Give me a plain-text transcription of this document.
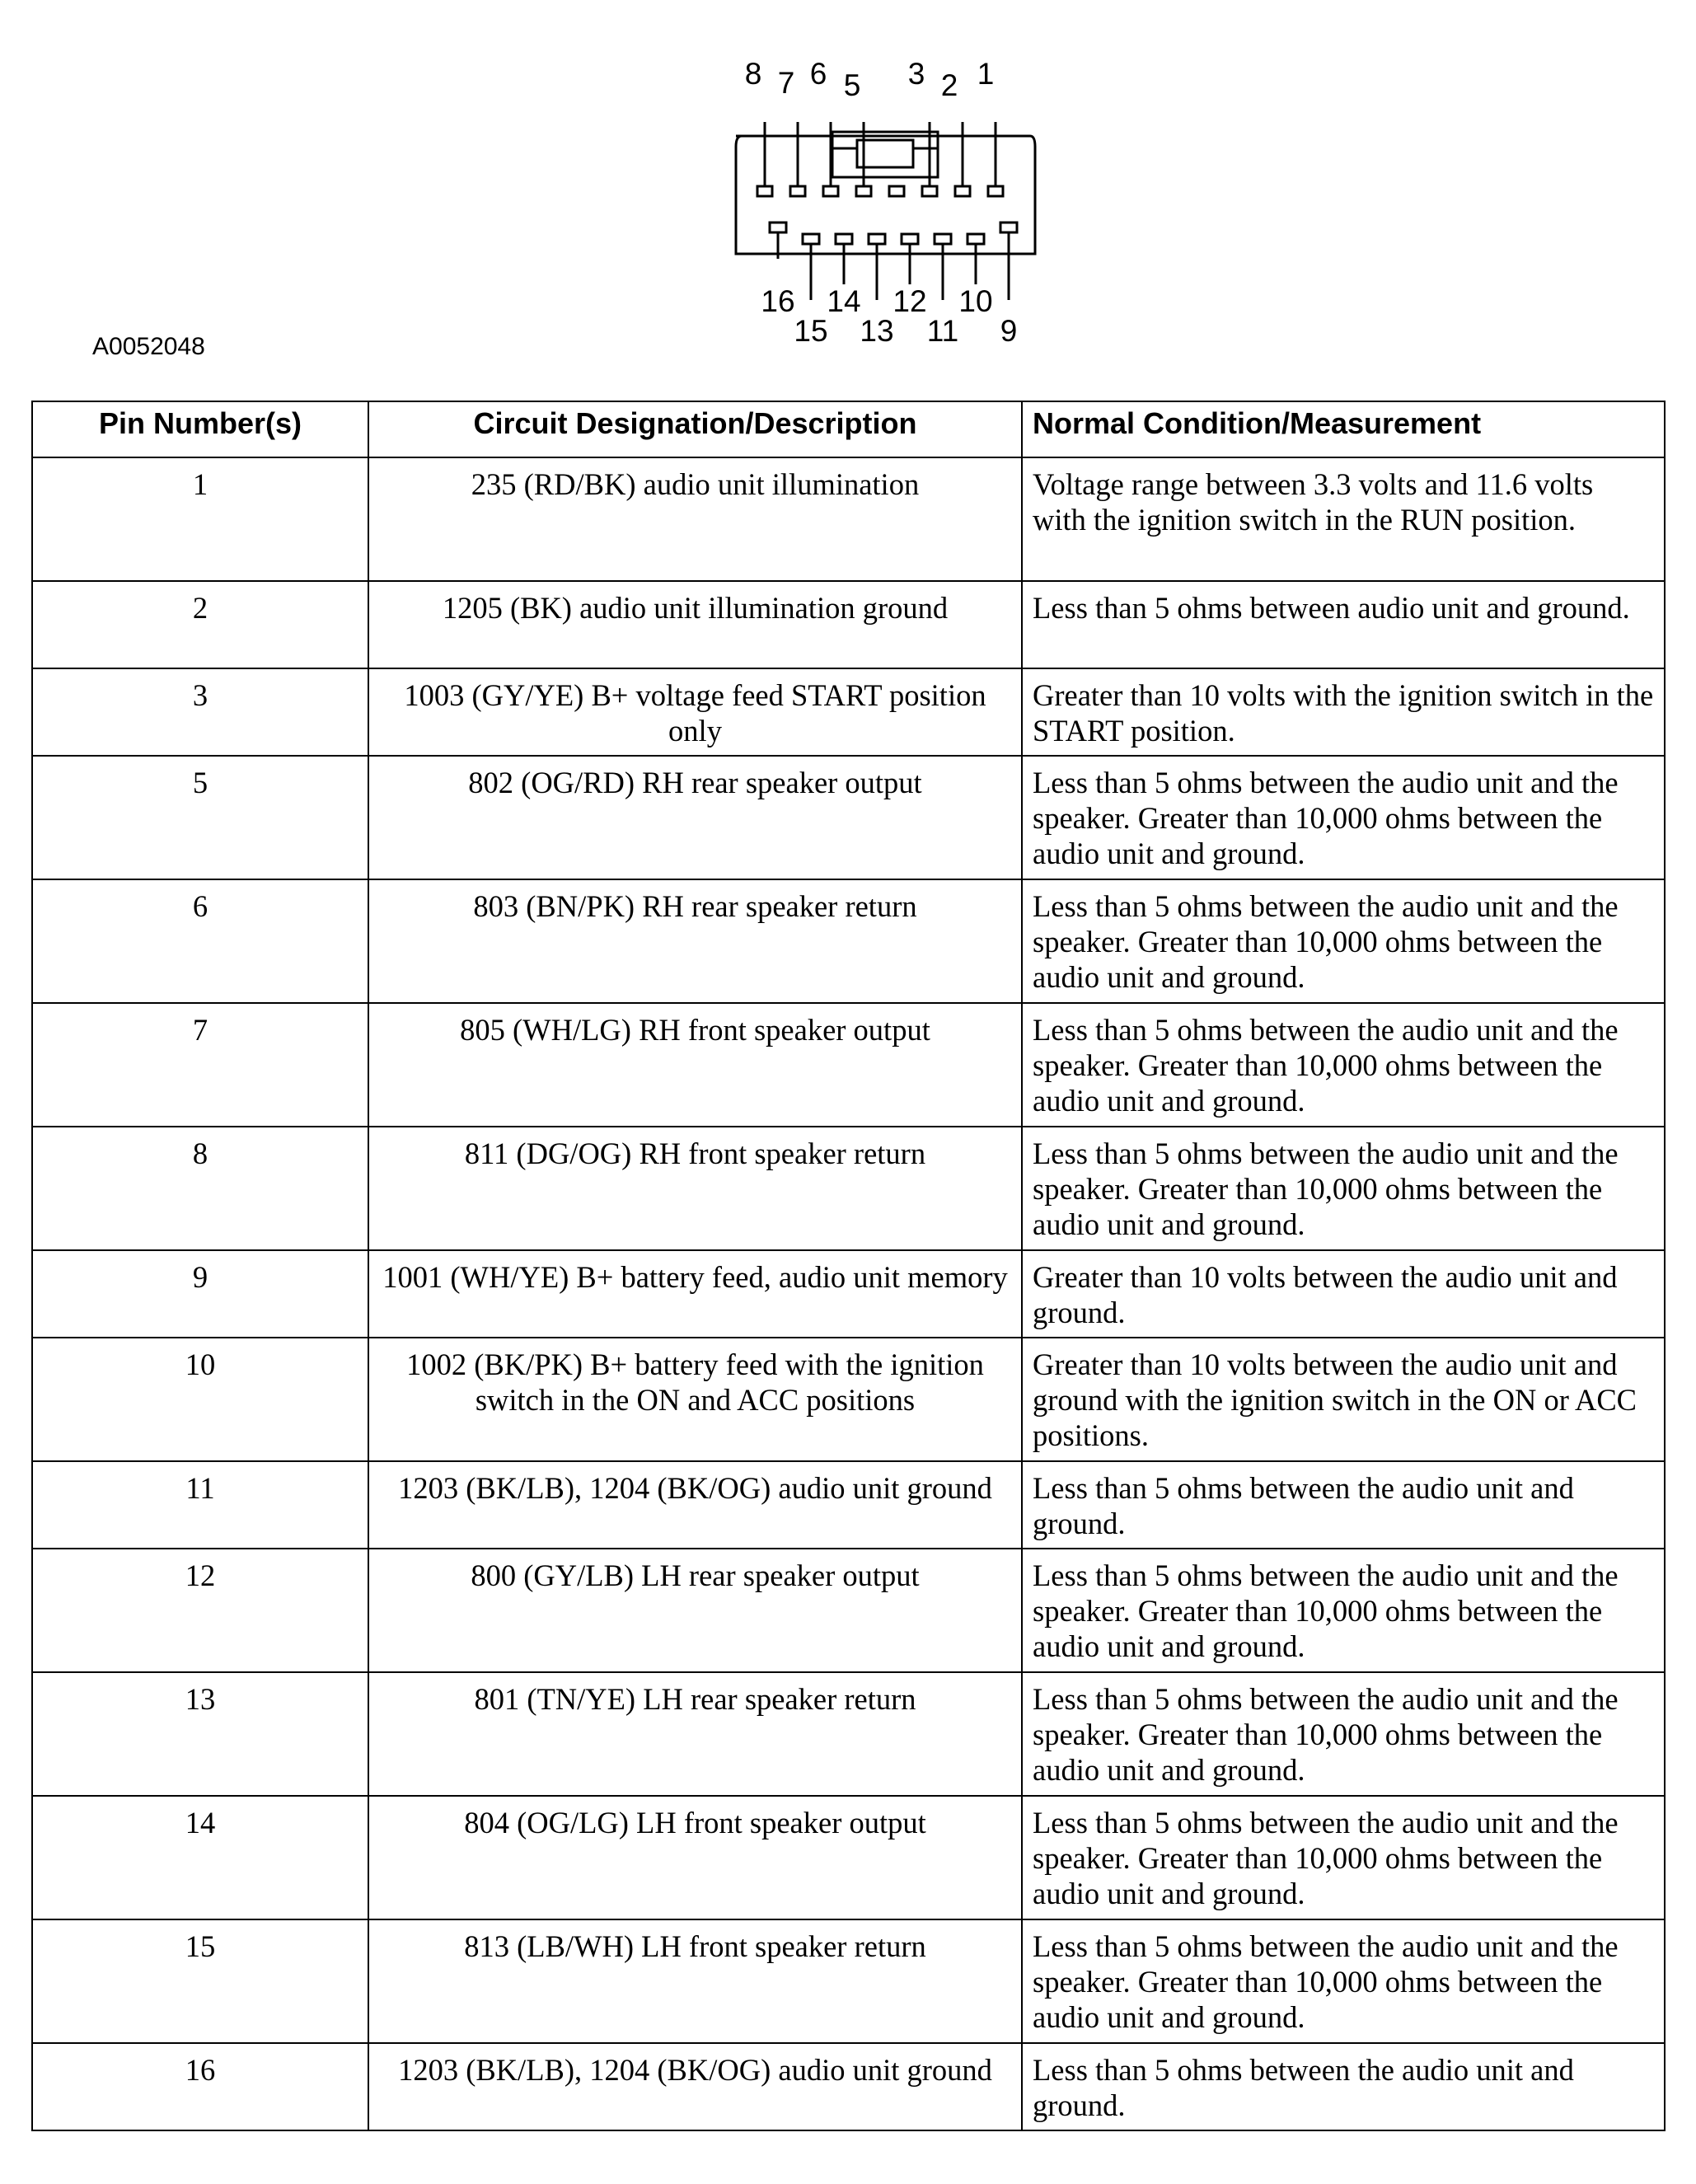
8 7 6 5 3 2 1
16 14 12 10
15 13 11 9
A0052048
Pin Number(s)	Circuit Designation/Description	Normal Condition/Measurement
1	235 (RD/BK) audio unit illumination	Voltage range between 3.3 volts and 11.6 volts with the ignition switch in the RUN position.
2	1205 (BK) audio unit illumination ground	Less than 5 ohms between audio unit and ground.
3	1003 (GY/YE) B+ voltage feed START position only	Greater than 10 volts with the ignition switch in the START position.
5	802 (OG/RD) RH rear speaker output	Less than 5 ohms between the audio unit and the speaker. Greater than 10,000 ohms between the audio unit and ground.
6	803 (BN/PK) RH rear speaker return	Less than 5 ohms between the audio unit and the speaker. Greater than 10,000 ohms between the audio unit and ground.
7	805 (WH/LG) RH front speaker output	Less than 5 ohms between the audio unit and the speaker. Greater than 10,000 ohms between the audio unit and ground.
8	811 (DG/OG) RH front speaker return	Less than 5 ohms between the audio unit and the speaker. Greater than 10,000 ohms between the audio unit and ground.
9	1001 (WH/YE) B+ battery feed, audio unit memory	Greater than 10 volts between the audio unit and ground.
10	1002 (BK/PK) B+ battery feed with the ignition switch in the ON and ACC positions	Greater than 10 volts between the audio unit and ground with the ignition switch in the ON or ACC positions.
11	1203 (BK/LB), 1204 (BK/OG) audio unit ground	Less than 5 ohms between the audio unit and ground.
12	800 (GY/LB) LH rear speaker output	Less than 5 ohms between the audio unit and the speaker. Greater than 10,000 ohms between the audio unit and ground.
13	801 (TN/YE) LH rear speaker return	Less than 5 ohms between the audio unit and the speaker. Greater than 10,000 ohms between the audio unit and ground.
14	804 (OG/LG) LH front speaker output	Less than 5 ohms between the audio unit and the speaker. Greater than 10,000 ohms between the audio unit and ground.
15	813 (LB/WH) LH front speaker return	Less than 5 ohms between the audio unit and the speaker. Greater than 10,000 ohms between the audio unit and ground.
16	1203 (BK/LB), 1204 (BK/OG) audio unit ground	Less than 5 ohms between the audio unit and ground.
